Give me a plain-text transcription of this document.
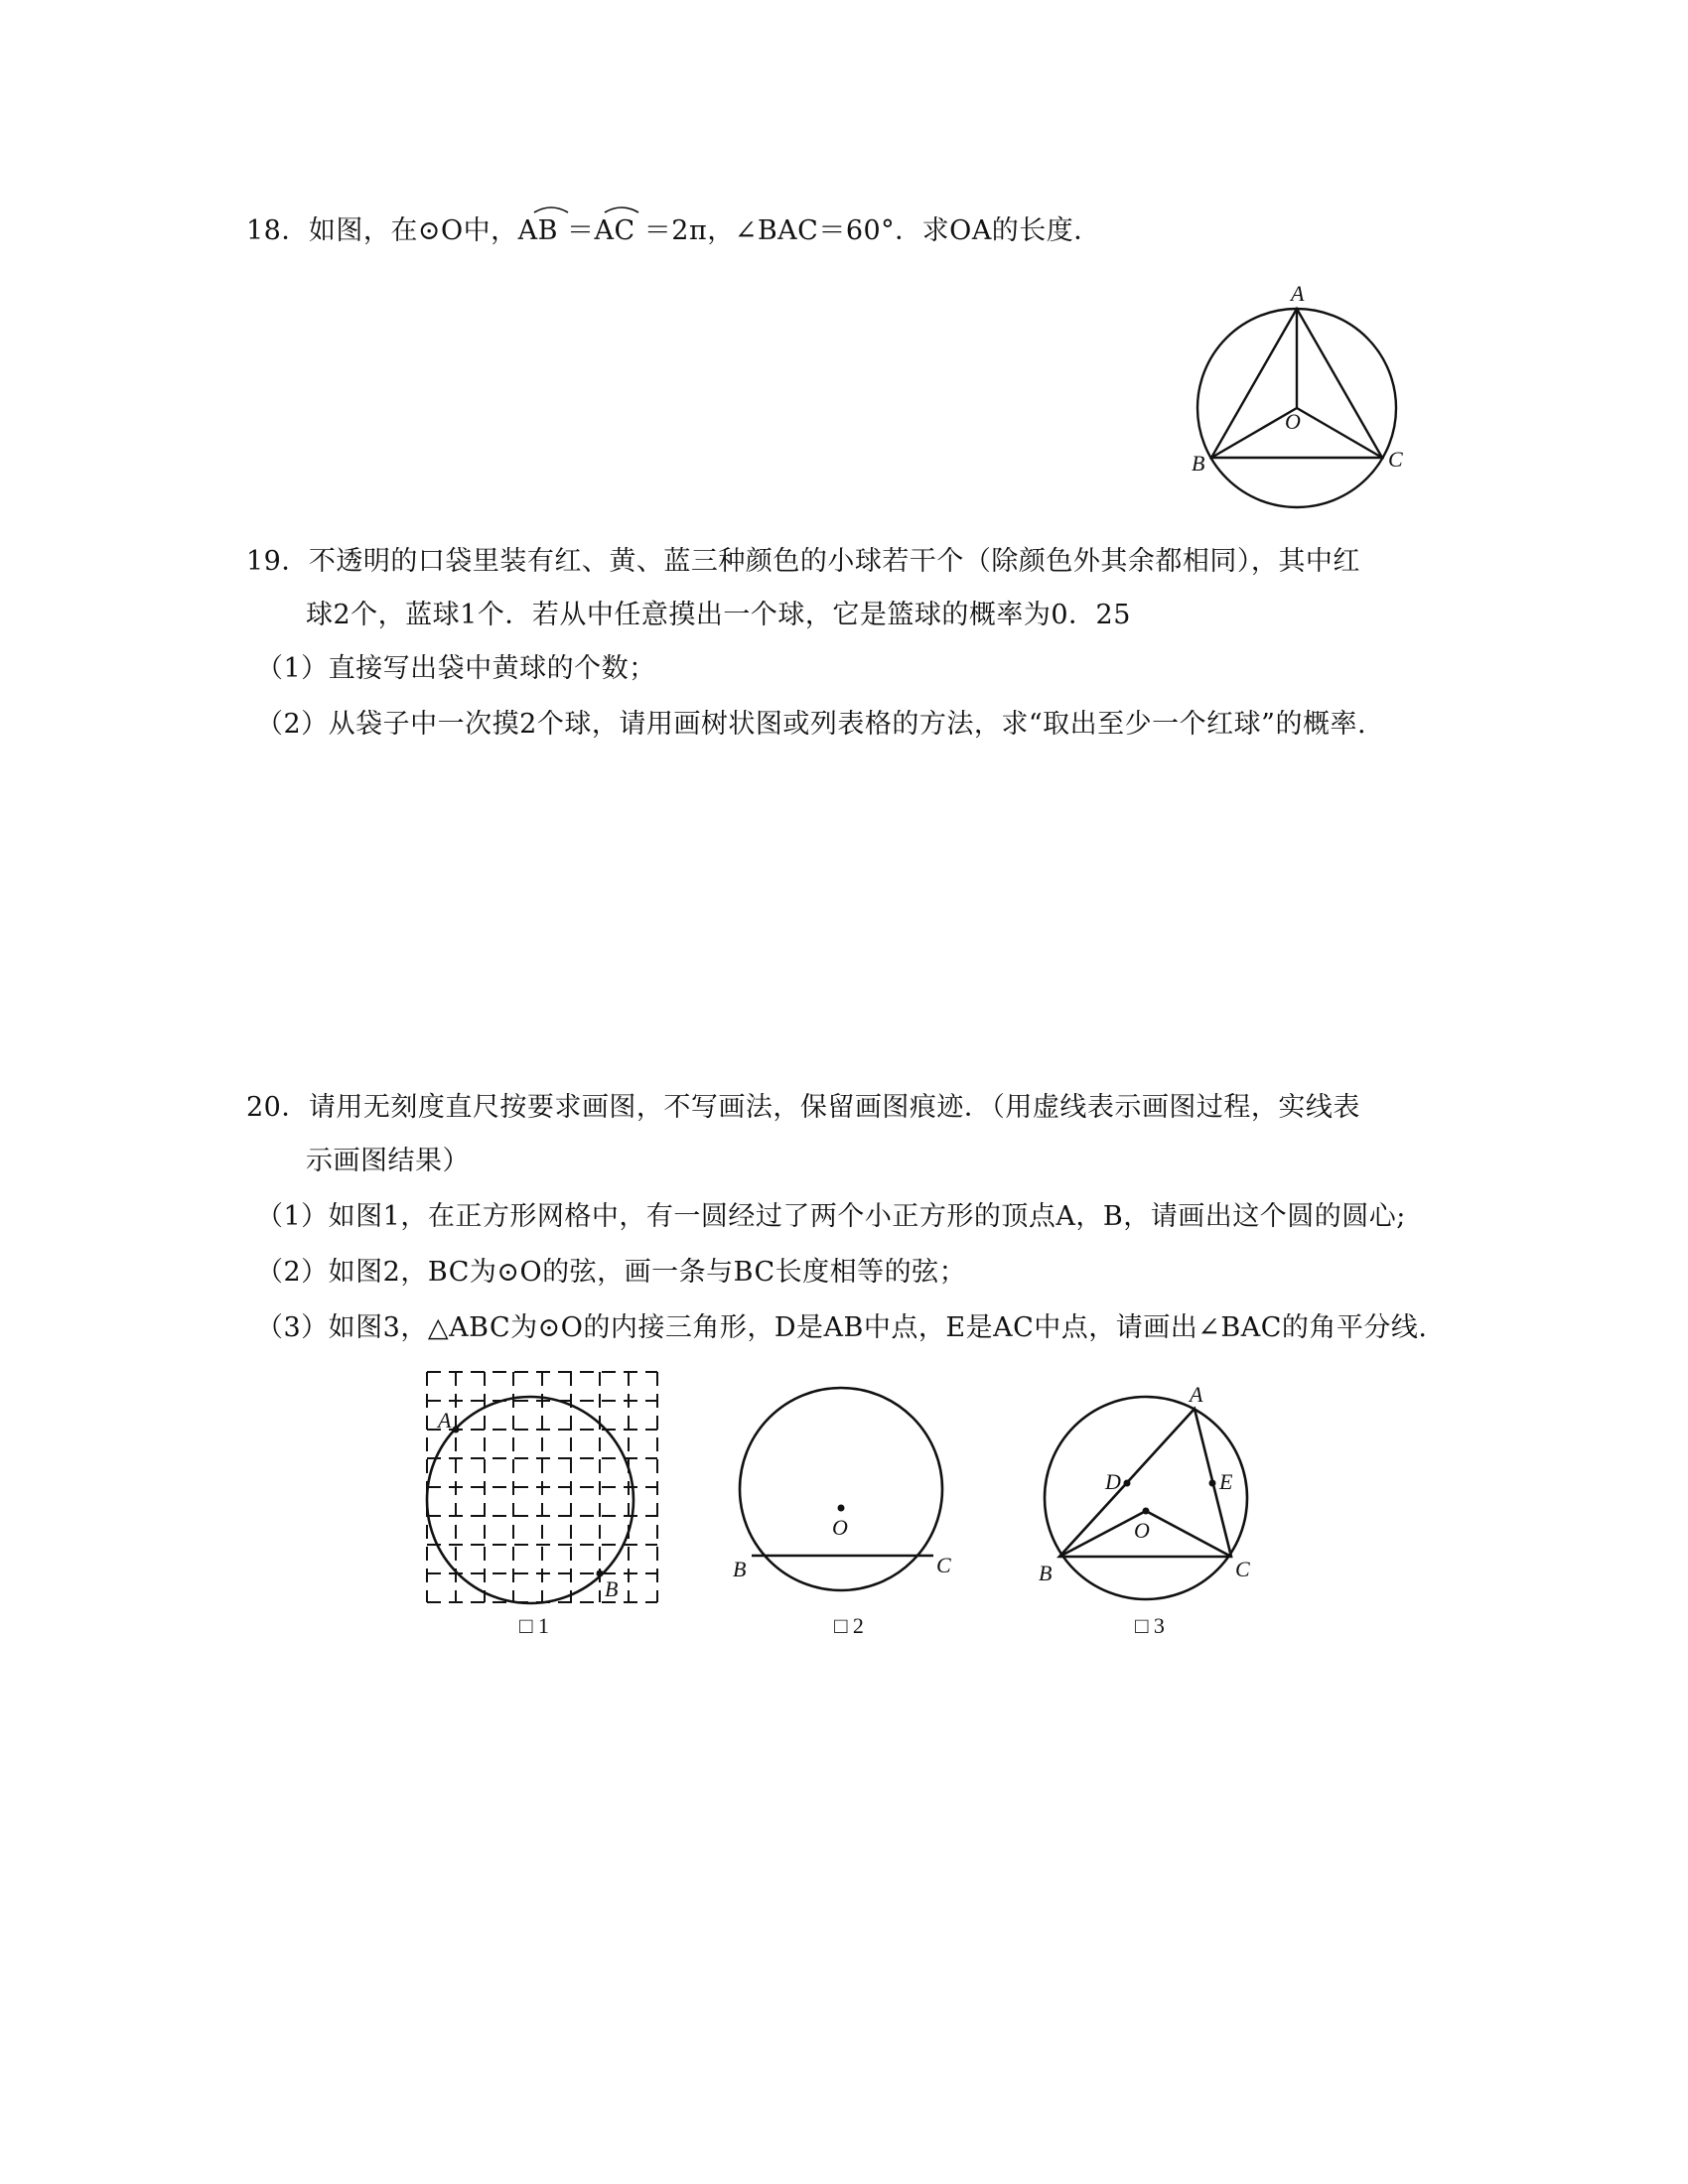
18．如图，在⊙O中，AB ＝AC ＝2π，∠BAC＝60°．求OA的长度．
A
B	C
O
19．不透明的口袋里装有红、黄、蓝三种颜色的小球若干个（除颜色外其余都相同），其中红
球2个，蓝球1个．若从中任意摸出一个球，它是篮球的概率为0．25
（1）直接写出袋中黄球的个数；
（2）从袋子中一次摸2个球，请用画树状图或列表格的方法，求“取出至少一个红球”的概率.
20．请用无刻度直尺按要求画图，不写画法，保留画图痕迹．（用虚线表示画图过程，实线表
示画图结果）
（1）如图1，在正方形网格中，有一圆经过了两个小正方形的顶点A，B，请画出这个圆的圆心;
（2）如图2，BC为⊙O的弦，画一条与BC长度相等的弦；
（3）如图3，△ABC为⊙O的内接三角形，D是AB中点，E是AC中点，请画出∠BAC的角平分线.
A
B
□ 1
O
B	C
□ 2
A
B	C
D	E
O
□ 3
